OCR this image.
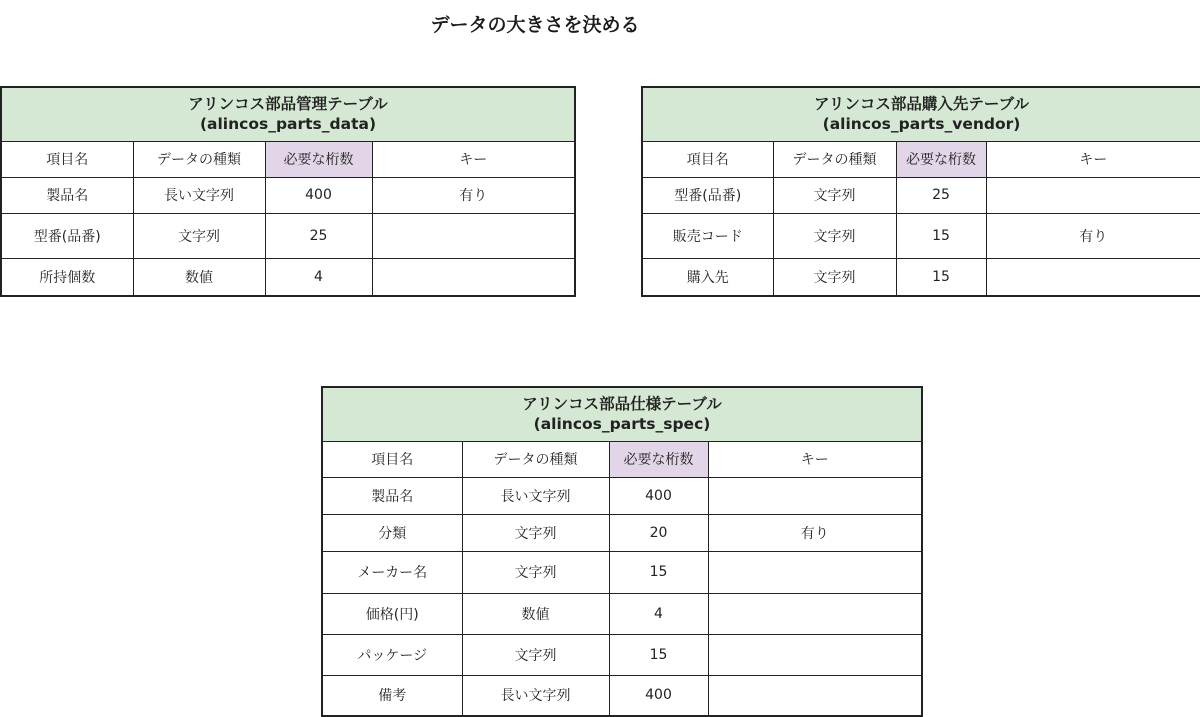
データの大きさを決める
アリンコス部品管理テーブル
(alincos_parts_data)			

項目名	データの種類	必要な桁数	キー
製品名	長い文字列	400	有り
型番(品番)	文字列	25	
所持個数	数値	4	
アリンコス部品購入先テーブル
(alincos_parts_vendor)			

項目名	データの種類	必要な桁数	キー
型番(品番)	文字列	25	
販売コード	文字列	15	有り
購入先	文字列	15	
アリンコス部品仕様テーブル
(alincos_parts_spec)			

項目名	データの種類	必要な桁数	キー
製品名	長い文字列	400	
分類	文字列	20	有り
メーカー名	文字列	15	
価格(円)	数値	4	
パッケージ	文字列	15	
備考	長い文字列	400	
